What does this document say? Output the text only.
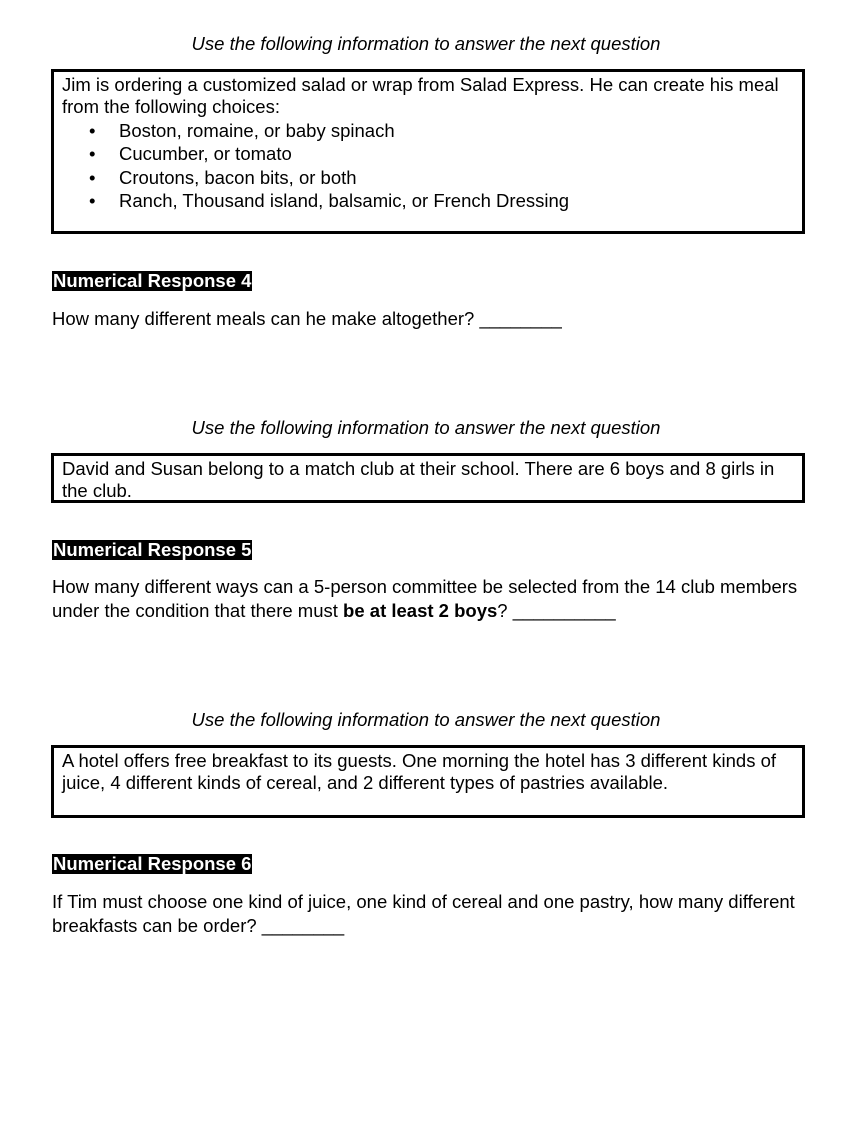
Use the following information to answer the next question

Jim is ordering a customized salad or wrap from Salad Express. He can create his meal from the following choices:

• Boston, romaine, or baby spinach
• Cucumber, or tomato
• Croutons, bacon bits, or both
• Ranch, Thousand island, balsamic, or French Dressing
Numerical Response 4
How many different meals can he make altogether? ________
Use the following information to answer the next question

David and Susan belong to a match club at their school. There are 6 boys and 8 girls in the club.

Numerical Response 5
How many different ways can a 5-person committee be selected from the 14 club members under the condition that there must be at least 2 boys? __________
Use the following information to answer the next question

A hotel offers free breakfast to its guests. One morning the hotel has 3 different kinds of juice, 4 different kinds of cereal, and 2 different types of pastries available.

Numerical Response 6
If Tim must choose one kind of juice, one kind of cereal and one pastry, how many different breakfasts can be order? ________
